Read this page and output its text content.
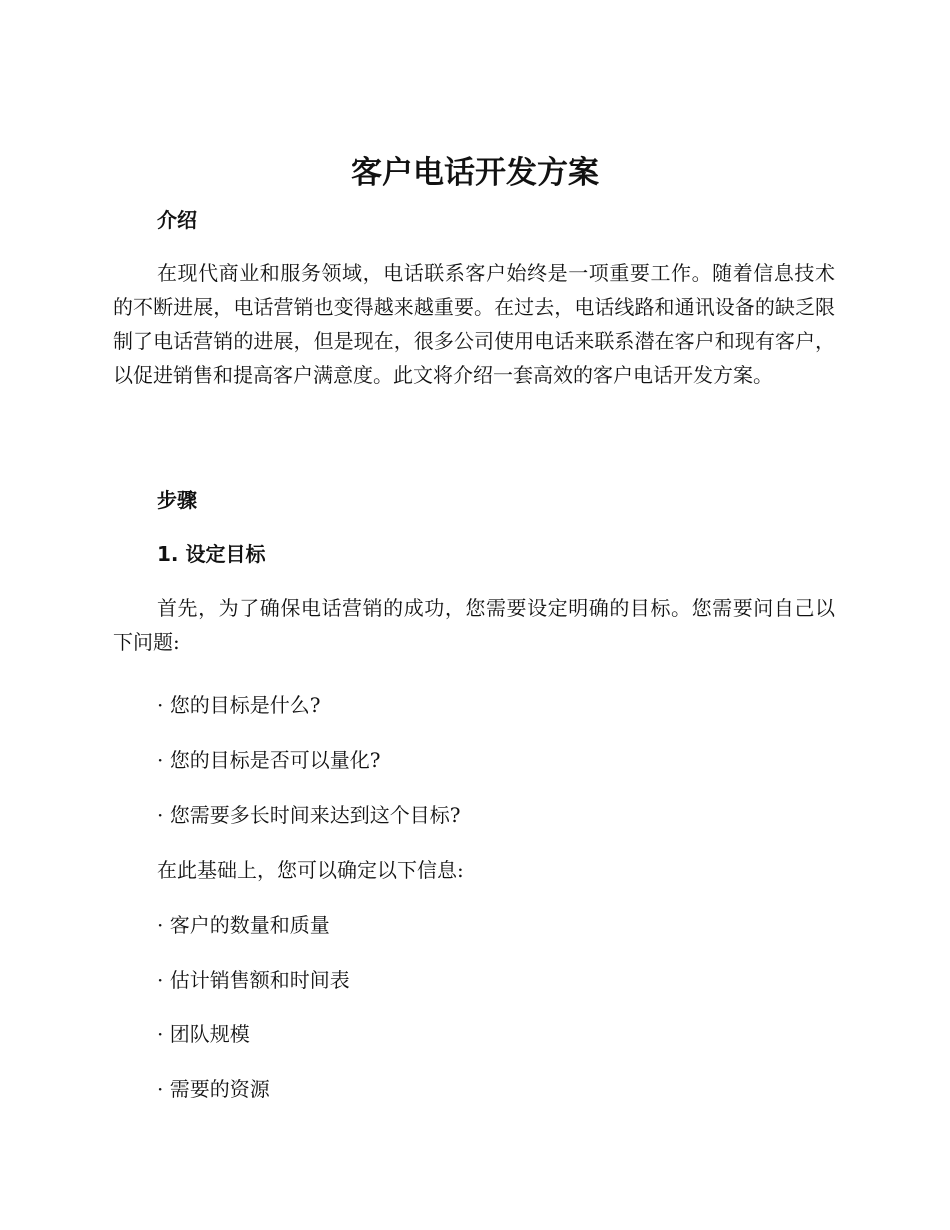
客户电话开发方案
介绍

在现代商业和服务领域，电话联系客户始终是一项重要工作。随着信息技术的不断进展，电话营销也变得越来越重要。在过去，电话线路和通讯设备的缺乏限制了电话营销的进展，但是现在，很多公司使用电话来联系潜在客户和现有客户，以促进销售和提高客户满意度。此文将介绍一套高效的客户电话开发方案。

步骤
1. 设定目标

首先，为了确保电话营销的成功，您需要设定明确的目标。您需要问自己以下问题:

· 您的目标是什么?

· 您的目标是否可以量化?

· 您需要多长时间来达到这个目标?

在此基础上，您可以确定以下信息:

· 客户的数量和质量

· 估计销售额和时间表

· 团队规模

· 需要的资源
